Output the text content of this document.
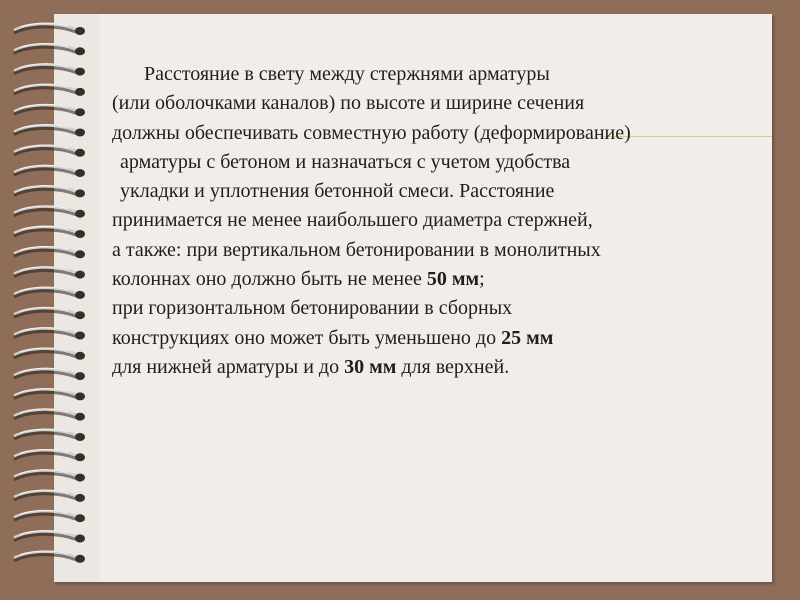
Расстояние в свету между стержнями арматуры
(или оболочками каналов) по высоте и ширине сечения
должны обеспечивать совместную работу (деформирование)
арматуры с бетоном и назначаться с учетом удобства
укладки и уплотнения бетонной смеси. Расстояние
принимается не менее наибольшего диаметра стержней,
а также: при вертикальном бетонировании в монолитных
колоннах оно должно быть не менее 50 мм;
при горизонтальном бетонировании в сборных
конструкциях оно может быть уменьшено до 25 мм
для нижней арматуры и до 30 мм для верхней.
